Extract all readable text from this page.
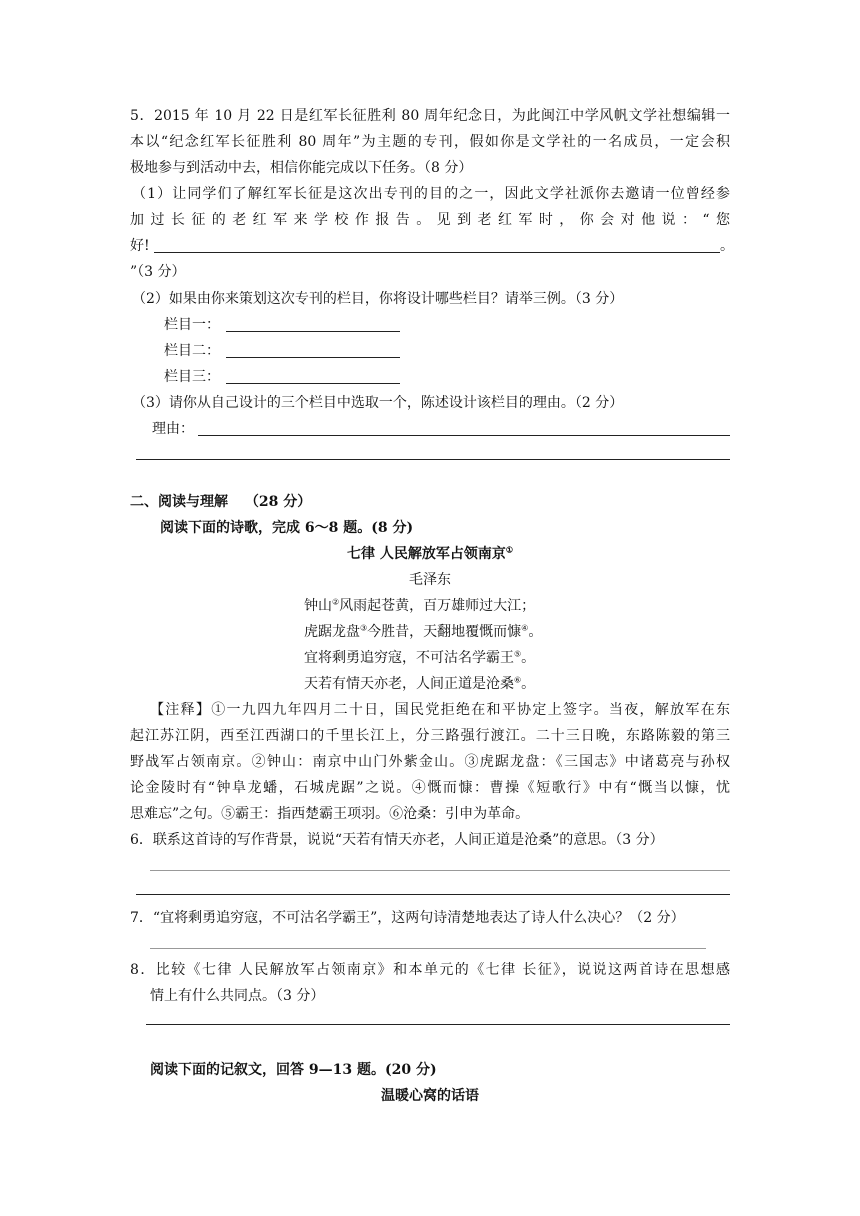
5．2015 年 10 月 22 日是红军长征胜利 80 周年纪念日，为此闽江中学风帆文学社想编辑一
本以“纪念红军长征胜利 80 周年”为主题的专刊，假如你是文学社的一名成员，一定会积
极地参与到活动中去，相信你能完成以下任务。（8 分）
（1）让同学们了解红军长征是这次出专刊的目的之一，因此文学社派你去邀请一位曾经参
加过长征的老红军来学校作报告。见到老红军时，你会对他说：“您
好!	。
”（3 分）
（2）如果由你来策划这次专刊的栏目，你将设计哪些栏目？请举三例。（3 分）
栏目一：
栏目二：
栏目三：
（3）请你从自己设计的三个栏目中选取一个，陈述设计该栏目的理由。（2 分）
理由：
二、阅读与理解 （28 分）
阅读下面的诗歌，完成 6～8 题。(8 分)
七律 人民解放军占领南京①
毛泽东
钟山②风雨起苍黄，百万雄师过大江；
虎踞龙盘③今胜昔，天翻地覆慨而慷④。
宜将剩勇追穷寇，不可沽名学霸王⑤。
天若有情天亦老，人间正道是沧桑⑥。
【注释】①一九四九年四月二十日，国民党拒绝在和平协定上签字。当夜，解放军在东
起江苏江阴，西至江西湖口的千里长江上，分三路强行渡江。二十三日晚，东路陈毅的第三
野战军占领南京。②钟山：南京中山门外紫金山。③虎踞龙盘：《三国志》中诸葛亮与孙权
论金陵时有“钟阜龙蟠，石城虎踞”之说。④慨而慷：曹操《短歌行》中有“慨当以慷，忧
思难忘”之句。⑤霸王：指西楚霸王项羽。⑥沧桑：引申为革命。
6．联系这首诗的写作背景，说说“天若有情天亦老，人间正道是沧桑”的意思。（3 分）
7．“宜将剩勇追穷寇，不可沽名学霸王”，这两句诗清楚地表达了诗人什么决心？（2 分）
8．比较《七律 人民解放军占领南京》和本单元的《七律 长征》，说说这两首诗在思想感
情上有什么共同点。（3 分）
阅读下面的记叙文，回答 9—13 题。(20 分)
温暖心窝的话语
